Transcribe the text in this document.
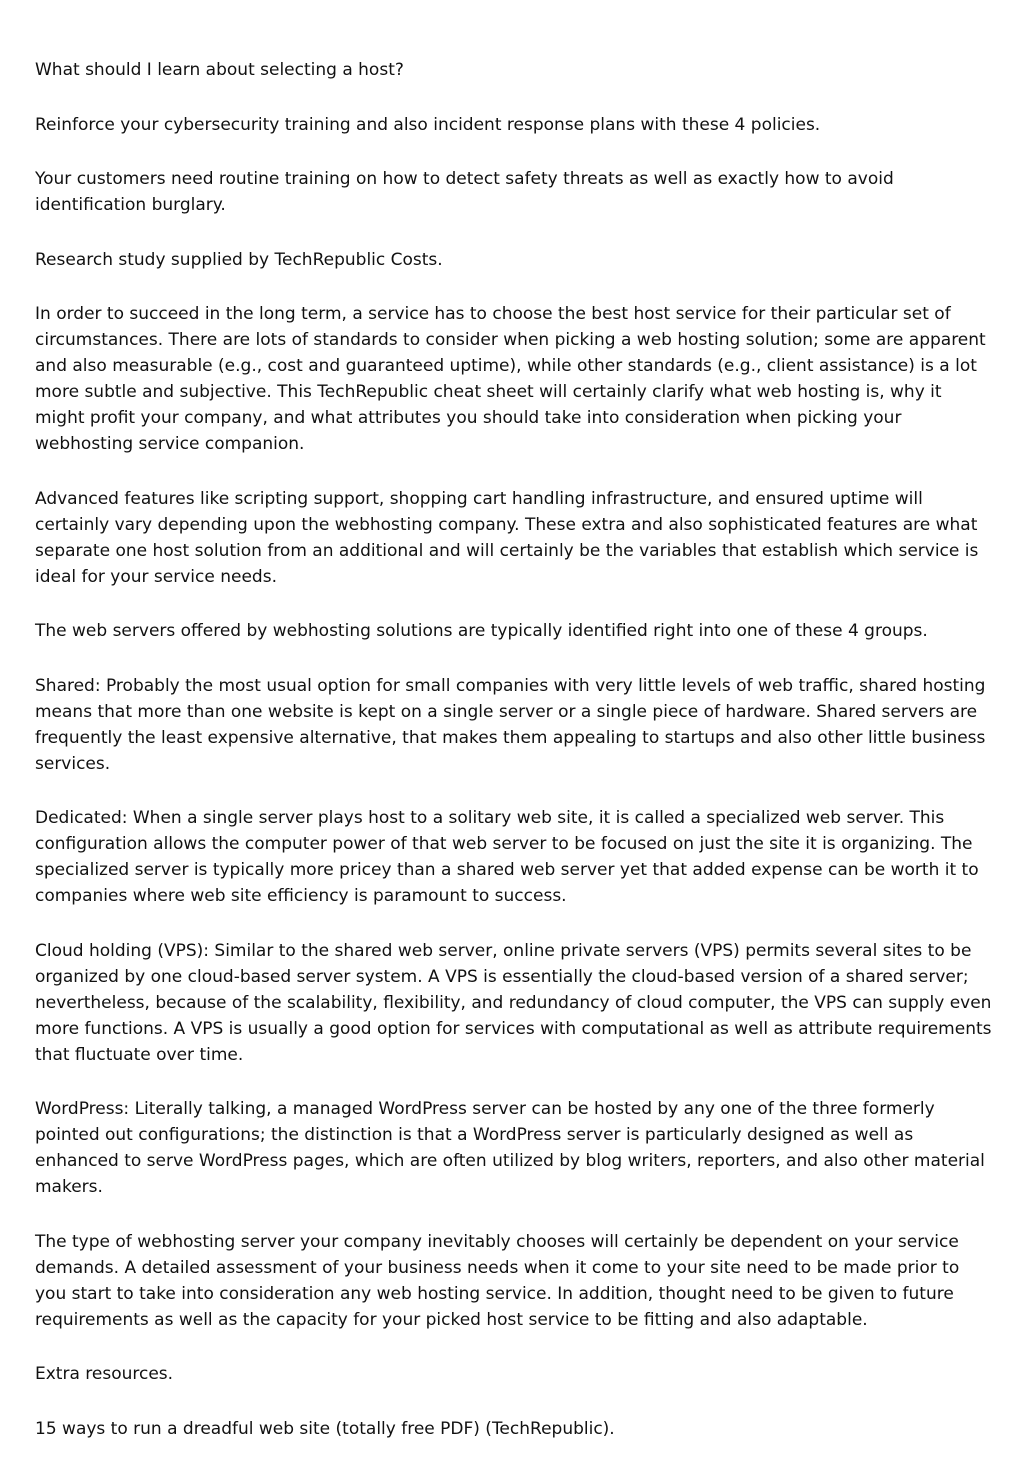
What should I learn about selecting a host?

Reinforce your cybersecurity training and also incident response plans with these 4 policies.

Your customers need routine training on how to detect safety threats as well as exactly how to avoid identification burglary.

Research study supplied by TechRepublic Costs.

In order to succeed in the long term, a service has to choose the best host service for their particular set of circumstances. There are lots of standards to consider when picking a web hosting solution; some are apparent and also measurable (e.g., cost and guaranteed uptime), while other standards (e.g., client assistance) is a lot more subtle and subjective. This TechRepublic cheat sheet will certainly clarify what web hosting is, why it might profit your company, and what attributes you should take into consideration when picking your webhosting service companion.

Advanced features like scripting support, shopping cart handling infrastructure, and ensured uptime will certainly vary depending upon the webhosting company. These extra and also sophisticated features are what separate one host solution from an additional and will certainly be the variables that establish which service is ideal for your service needs.

The web servers offered by webhosting solutions are typically identified right into one of these 4 groups.

Shared: Probably the most usual option for small companies with very little levels of web traffic, shared hosting means that more than one website is kept on a single server or a single piece of hardware. Shared servers are frequently the least expensive alternative, that makes them appealing to startups and also other little business services.

Dedicated: When a single server plays host to a solitary web site, it is called a specialized web server. This configuration allows the computer power of that web server to be focused on just the site it is organizing. The specialized server is typically more pricey than a shared web server yet that added expense can be worth it to companies where web site efficiency is paramount to success.

Cloud holding (VPS): Similar to the shared web server, online private servers (VPS) permits several sites to be organized by one cloud-based server system. A VPS is essentially the cloud-based version of a shared server; nevertheless, because of the scalability, flexibility, and redundancy of cloud computer, the VPS can supply even more functions. A VPS is usually a good option for services with computational as well as attribute requirements that fluctuate over time.

WordPress: Literally talking, a managed WordPress server can be hosted by any one of the three formerly pointed out configurations; the distinction is that a WordPress server is particularly designed as well as enhanced to serve WordPress pages, which are often utilized by blog writers, reporters, and also other material makers.

The type of webhosting server your company inevitably chooses will certainly be dependent on your service demands. A detailed assessment of your business needs when it come to your site need to be made prior to you start to take into consideration any web hosting service. In addition, thought need to be given to future requirements as well as the capacity for your picked host service to be fitting and also adaptable.

Extra resources.

15 ways to run a dreadful web site (totally free PDF) (TechRepublic).
